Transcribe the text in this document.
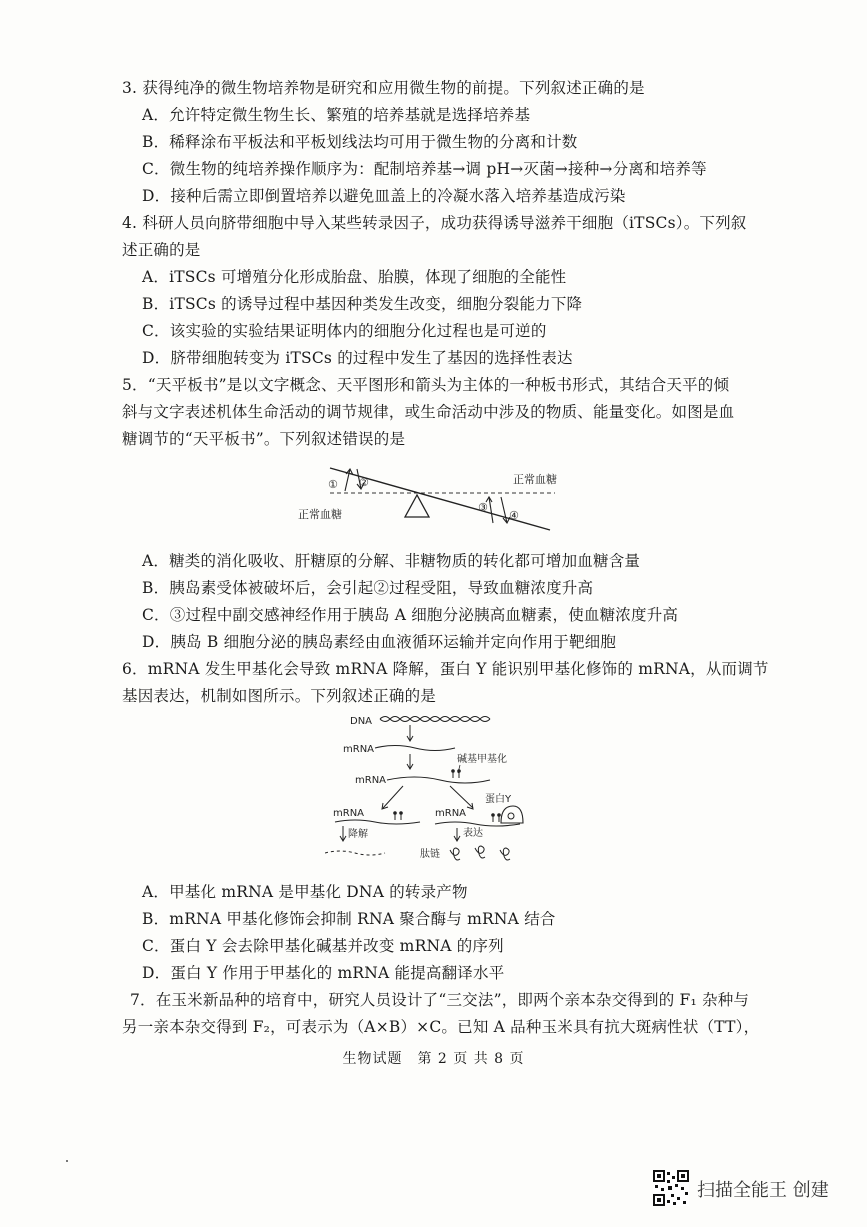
3. 获得纯净的微生物培养物是研究和应用微生物的前提。下列叙述正确的是
A．允许特定微生物生长、繁殖的培养基就是选择培养基
B．稀释涂布平板法和平板划线法均可用于微生物的分离和计数
C．微生物的纯培养操作顺序为：配制培养基→调 pH→灭菌→接种→分离和培养等
D．接种后需立即倒置培养以避免皿盖上的冷凝水落入培养基造成污染
4. 科研人员向脐带细胞中导入某些转录因子，成功获得诱导滋养干细胞（iTSCs）。下列叙
述正确的是
A．iTSCs 可增殖分化形成胎盘、胎膜，体现了细胞的全能性
B．iTSCs 的诱导过程中基因种类发生改变，细胞分裂能力下降
C．该实验的实验结果证明体内的细胞分化过程也是可逆的
D．脐带细胞转变为 iTSCs 的过程中发生了基因的选择性表达
5．“天平板书”是以文字概念、天平图形和箭头为主体的一种板书形式，其结合天平的倾
斜与文字表述机体生命活动的调节规律，或生命活动中涉及的物质、能量变化。如图是血
糖调节的“天平板书”。下列叙述错误的是
① ②
③
④
正常血糖
正常血糖
A．糖类的消化吸收、肝糖原的分解、非糖物质的转化都可增加血糖含量
B．胰岛素受体被破坏后，会引起②过程受阻，导致血糖浓度升高
C．③过程中副交感神经作用于胰岛 A 细胞分泌胰高血糖素，使血糖浓度升高
D．胰岛 B 细胞分泌的胰岛素经由血液循环运输并定向作用于靶细胞
6．mRNA 发生甲基化会导致 mRNA 降解，蛋白 Y 能识别甲基化修饰的 mRNA，从而调节
基因表达，机制如图所示。下列叙述正确的是
DNA
mRNA
碱基甲基化
mRNA
mRNA
降解
mRNA
蛋白Y
表达
肽链
A．甲基化 mRNA 是甲基化 DNA 的转录产物
B．mRNA 甲基化修饰会抑制 RNA 聚合酶与 mRNA 结合
C．蛋白 Y 会去除甲基化碱基并改变 mRNA 的序列
D．蛋白 Y 作用于甲基化的 mRNA 能提高翻译水平
7．在玉米新品种的培育中，研究人员设计了“三交法”，即两个亲本杂交得到的 F₁ 杂种与
另一亲本杂交得到 F₂，可表示为（A×B）×C。已知 A 品种玉米具有抗大斑病性状（TT），
生物试题　第 2 页 共 8 页
扫描全能王 创建
